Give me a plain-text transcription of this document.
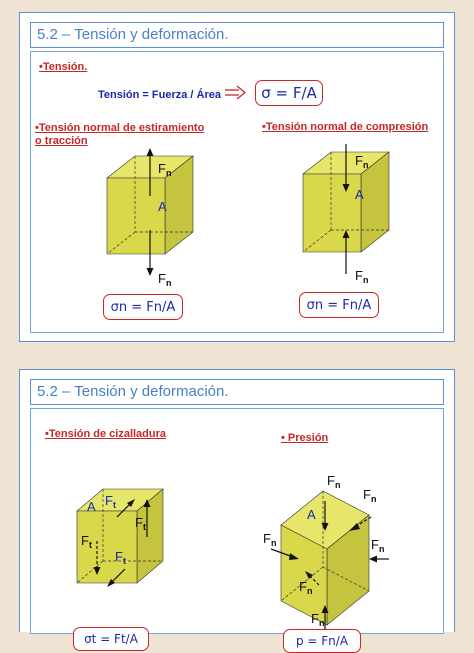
5.2 – Tensión y deformación.
•Tensión.
Tensión = Fuerza / Área	σ = F/A
•Tensión normal de estiramiento
o tracción
•Tensión normal de compresión
A
$F_n$
$F_n$
A
$F_n$
$F_n$
σn = Fn/A	σn = Fn/A
5.2 – Tensión y deformación.
•Tensión de cizalladura	• Presión
A $F_t$
$F_t$
$F_t$
$F_t$
A
$F_n$
$F_n$
$F_n$	$F_n$
$F_n$
$F_n$
σt = Ft/A	p = Fn/A
